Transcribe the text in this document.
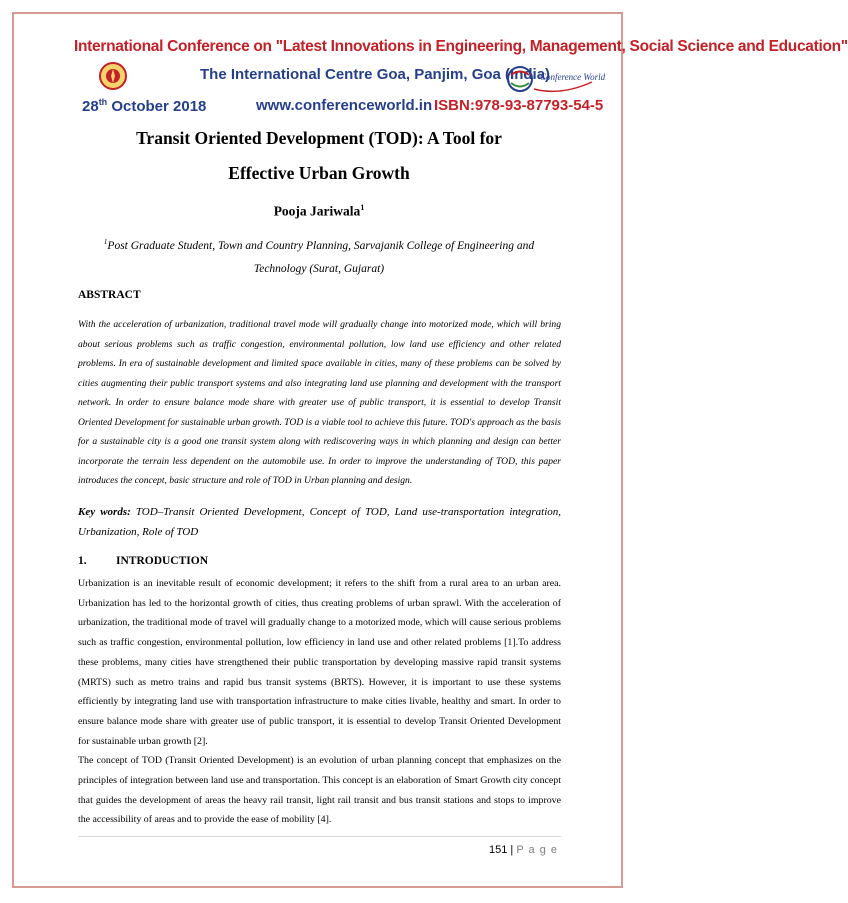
International Conference on "Latest Innovations in Engineering, Management, Social Science and Education"
The International Centre Goa, Panjim, Goa (India)
Conference World
28th October 2018	www.conferenceworld.in ISBN:978-93-87793-54-5
Transit Oriented Development (TOD): A Tool for
Effective Urban Growth
Pooja Jariwala$^1$
$^1$Post Graduate Student, Town and Country Planning, Sarvajanik College of Engineering and
Technology (Surat, Gujarat)
ABSTRACT
With the acceleration of urbanization, traditional travel mode will gradually change into motorized mode, which will bring about serious problems such as traffic congestion, environmental pollution, low land use efficiency and other related problems. In era of sustainable development and limited space available in cities, many of these problems can be solved by cities augmenting their public transport systems and also integrating land use planning and development with the transport network. In order to ensure balance mode share with greater use of public transport, it is essential to develop Transit Oriented Development for sustainable urban growth. TOD is a viable tool to achieve this future. TOD's approach as the basis for a sustainable city is a good one transit system along with rediscovering ways in which planning and design can better incorporate the terrain less dependent on the automobile use. In order to improve the understanding of TOD, this paper introduces the concept, basic structure and role of TOD in Urban planning and design.
Key words: TOD–Transit Oriented Development, Concept of TOD, Land use-transportation integration, Urbanization, Role of TOD
1.	INTRODUCTION

Urbanization is an inevitable result of economic development; it refers to the shift from a rural area to an urban area. Urbanization has led to the horizontal growth of cities, thus creating problems of urban sprawl. With the acceleration of urbanization, the traditional mode of travel will gradually change to a motorized mode, which will cause serious problems such as traffic congestion, environmental pollution, low efficiency in land use and other related problems [1].To address these problems, many cities have strengthened their public transportation by developing massive rapid transit systems (MRTS) such as metro trains and rapid bus transit systems (BRTS). However, it is important to use these systems efficiently by integrating land use with transportation infrastructure to make cities livable, healthy and smart. In order to ensure balance mode share with greater use of public transport, it is essential to develop Transit Oriented Development for sustainable urban growth [2].

The concept of TOD (Transit Oriented Development) is an evolution of urban planning concept that emphasizes on the principles of integration between land use and transportation. This concept is an elaboration of Smart Growth city concept that guides the development of areas the heavy rail transit, light rail transit and bus transit stations and stops to improve the accessibility of areas and to provide the ease of mobility [4].

151 | P a g e
